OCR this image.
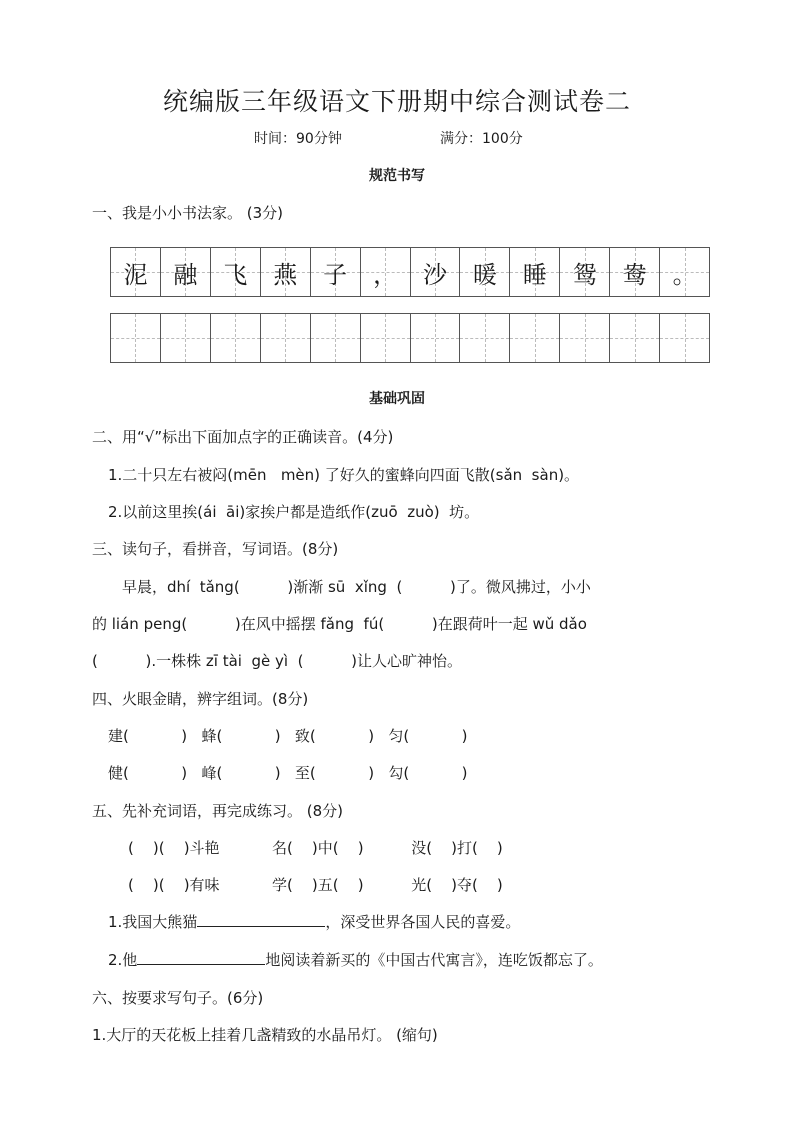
统编版三年级语文下册期中综合测试卷二
时间：90分钟	满分：100分
规范书写
一、我是小小书法家。 (3分)
泥 融 飞 燕 子 ， 沙 暖 睡 鸳 鸯 。
基础巩固
二、用“√”标出下面加点字的正确读音。(4分)
1.二十只左右被闷(mēn   mèn) 了好久的蜜蜂向四面飞散(sǎn  sàn)。
2.以前这里挨(ái  āi)家挨户都是造纸作(zuō  zuò)  坊。
三、读句子，看拼音，写词语。(8分)
早晨，dhí  tǎng(          )渐渐 sū  xǐng  (          )了。微风拂过，小小
的 lián peng(          )在风中摇摆 fǎng  fú(          )在跟荷叶一起 wǔ dǎo
(          ).一株株 zī tài  gè yì  (          )让人心旷神怡。
四、火眼金睛，辨字组词。(8分)
建(           )   蜂(           )   致(           )   匀(           )
健(           )   峰(           )   至(           )   勾(           )
五、先补充词语，再完成练习。 (8分)
(    )(    )斗艳           名(    )中(    )          没(    )打(    )
(    )(    )有味           学(    )五(    )          光(    )夺(    )
1.我国大熊猫	，深受世界各国人民的喜爱。
2.他	地阅读着新买的《中国古代寓言》，连吃饭都忘了。
六、按要求写句子。(6分)
1.大厅的天花板上挂着几盏精致的水晶吊灯。 (缩句)
